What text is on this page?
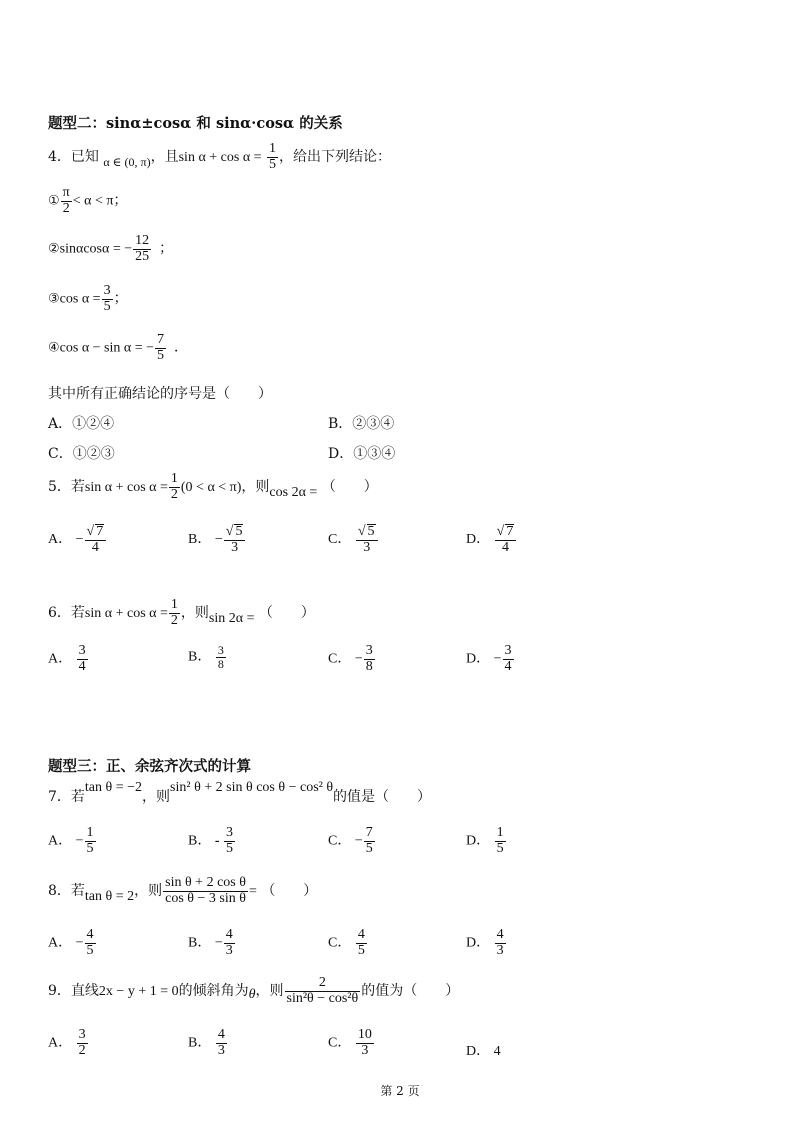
题型二：sinα±cosα 和 sinα·cosα 的关系
4．已知 α ∈ (0, π)，且$\sin \alpha + \cos \alpha = \frac{1}{5}$ ，给出下列结论：
① $\frac{\pi}{2} < \alpha < \pi$；
②sinαcosα = − $\frac{12}{25}$ ；
③cos $\alpha = \frac{3}{5}$ ；
④cos α − sin α = − $\frac{7}{5}$ ．
其中所有正确结论的序号是（　　）
A．①②④	B．②③④
C．①②③	D．①③④
5．若$\sin \alpha + \cos \alpha = \frac{1}{2} (0 < \alpha < \pi)$，则cos 2α = （　　）
A． − $\frac{√ 7}{4}$	B． − $\frac{√ 5}{3}$	C． $\frac{√ 5}{3}$	D． $\frac{√ 7}{4}$
6．若$\sin \alpha + \cos \alpha = \frac{1}{2}$ ，则sin 2α = （　　）
A． $\frac{3}{4}$	B． $\frac{3}{8}$	C． − $\frac{3}{8}$	D． − $\frac{3}{4}$
题型三：正、余弦齐次式的计算
7．若tan θ = −2，则sin² θ + 2 sin θ cos θ − cos² θ的值是（　　）
A． − $\frac{1}{5}$	B． - $\frac{3}{5}$	C． − $\frac{7}{5}$	D． $\frac{1}{5}$
8．若tan θ = 2，则 $\frac{\text{sin θ + 2 cos θ}}{\text{cos θ − 3 sin θ}}$ = （　　）
A． − $\frac{4}{5}$	B． − $\frac{4}{3}$	C． $\frac{4}{5}$	D． $\frac{4}{3}$
9．直线2x − y + 1 = 0的倾斜角为θ，则 $\frac{2}{\text{sin²θ − cos²θ}}$ 的值为（　　）
A． $\frac{3}{2}$	B． $\frac{4}{3}$	C． $\frac{10}{3}$	D． 4
第 2 页
